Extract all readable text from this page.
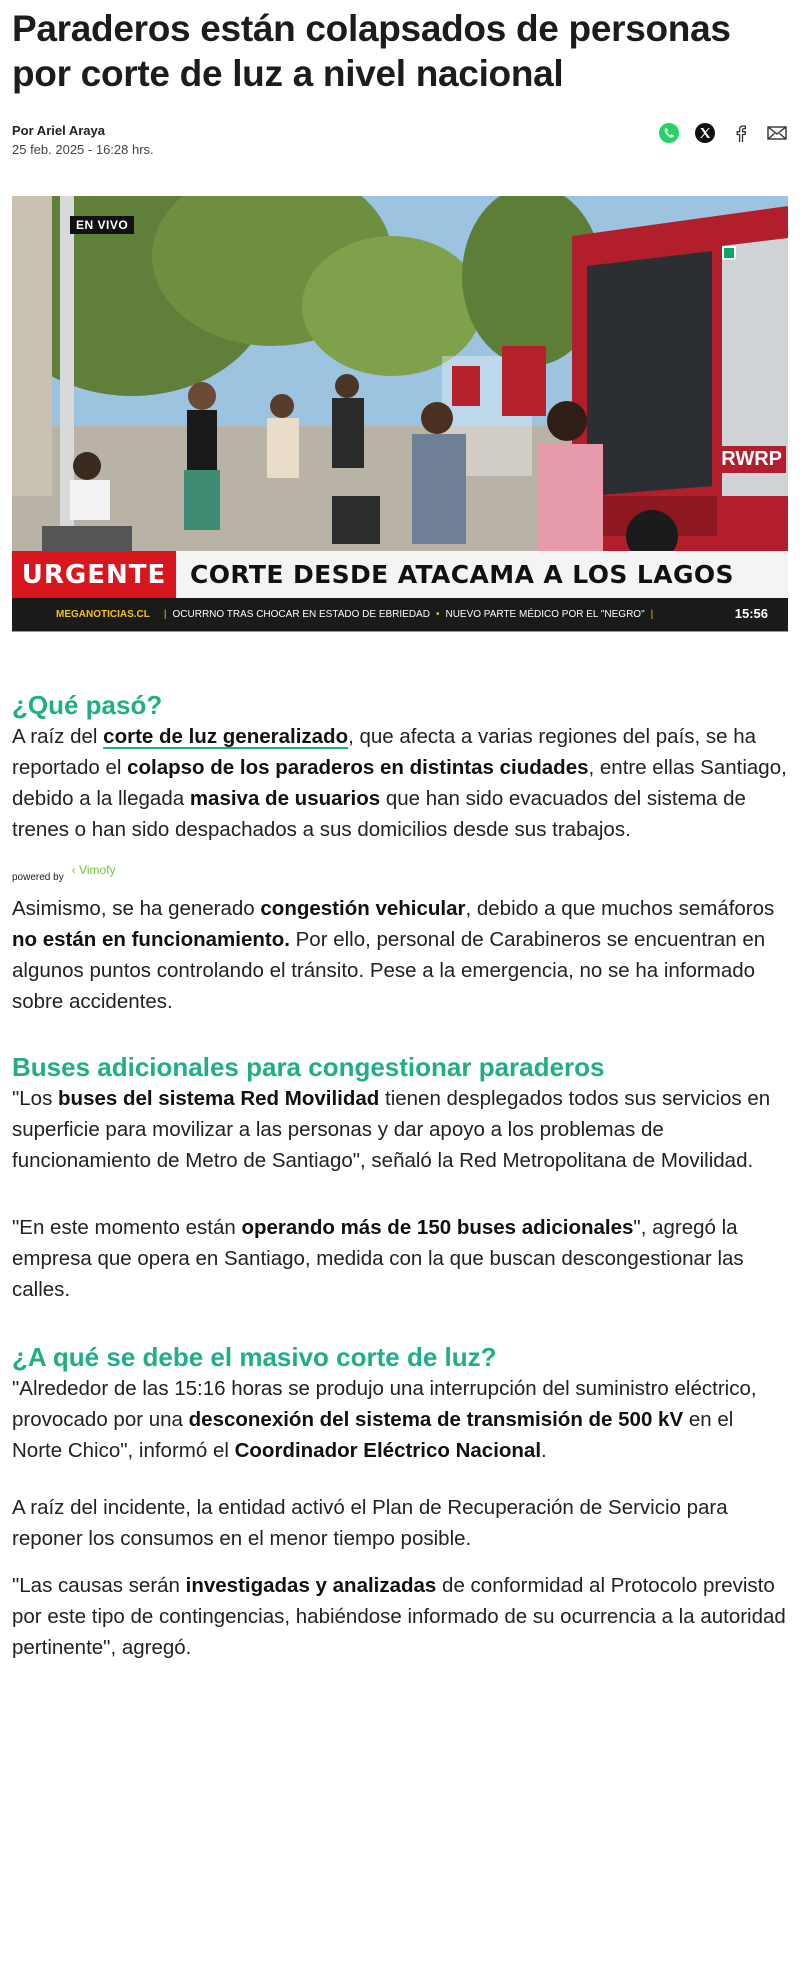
Paraderos están colapsados de personas por corte de luz a nivel nacional
Por Ariel Araya
25 feb. 2025 - 16:28 hrs.
EN VIVO
RWRP
URGENTE CORTE DESDE ATACAMA A LOS LAGOS
MEGANOTICIAS.CL | OCURRNO TRAS CHOCAR EN ESTADO DE EBRIEDAD • NUEVO PARTE MÉDICO POR EL "NEGRO" |	15:56
¿Qué pasó?

A raíz del corte de luz generalizado, que afecta a varias regiones del país, se ha reportado el colapso de los paraderos en distintas ciudades, entre ellas Santiago, debido a la llegada masiva de usuarios que han sido evacuados del sistema de trenes o han sido despachados a sus domicilios desde sus trabajos.

powered by
‹ Vimofy

Asimismo, se ha generado congestión vehicular, debido a que muchos semáforos no están en funcionamiento. Por ello, personal de Carabineros se encuentran en algunos puntos controlando el tránsito. Pese a la emergencia, no se ha informado sobre accidentes.

Buses adicionales para congestionar paraderos

"Los buses del sistema Red Movilidad tienen desplegados todos sus servicios en superficie para movilizar a las personas y dar apoyo a los problemas de funcionamiento de Metro de Santiago", señaló la Red Metropolitana de Movilidad.

"En este momento están operando más de 150 buses adicionales", agregó la empresa que opera en Santiago, medida con la que buscan descongestionar las calles.

¿A qué se debe el masivo corte de luz?

"Alrededor de las 15:16 horas se produjo una interrupción del suministro eléctrico, provocado por una desconexión del sistema de transmisión de 500 kV en el Norte Chico", informó el Coordinador Eléctrico Nacional.

A raíz del incidente, la entidad activó el Plan de Recuperación de Servicio para reponer los consumos en el menor tiempo posible.

"Las causas serán investigadas y analizadas de conformidad al Protocolo previsto por este tipo de contingencias, habiéndose informado de su ocurrencia a la autoridad pertinente", agregó.
